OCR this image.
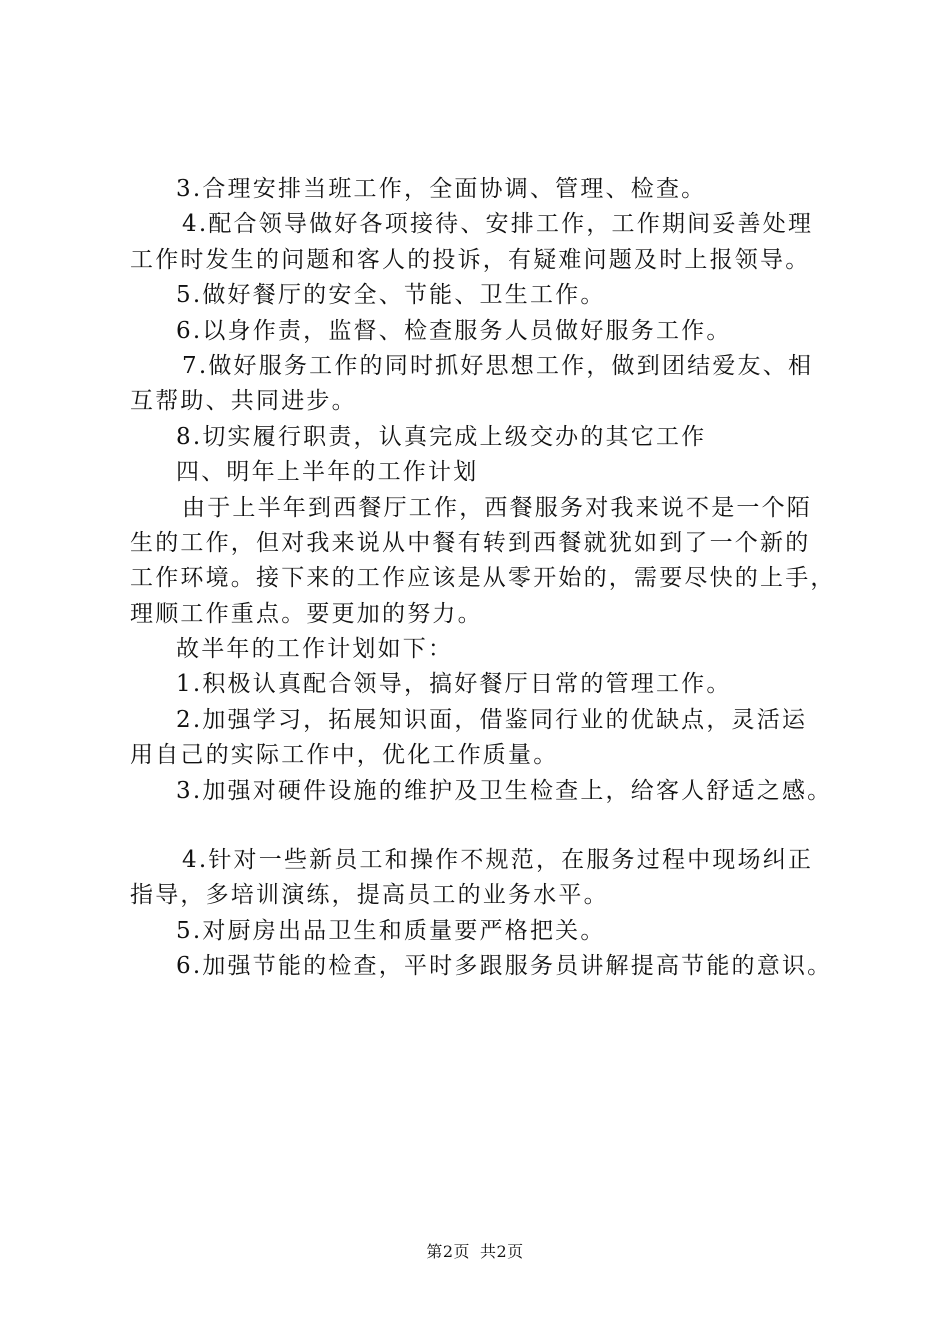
3.合理安排当班工作，全面协调、管理、检查。
4.配合领导做好各项接待、安排工作，工作期间妥善处理
工作时发生的问题和客人的投诉，有疑难问题及时上报领导。
5.做好餐厅的安全、节能、卫生工作。
6.以身作责，监督、检查服务人员做好服务工作。
7.做好服务工作的同时抓好思想工作，做到团结爱友、相
互帮助、共同进步。
8.切实履行职责，认真完成上级交办的其它工作
四、明年上半年的工作计划
由于上半年到西餐厅工作，西餐服务对我来说不是一个陌
生的工作，但对我来说从中餐有转到西餐就犹如到了一个新的
工作环境。接下来的工作应该是从零开始的，需要尽快的上手，
理顺工作重点。要更加的努力。
故半年的工作计划如下：
1.积极认真配合领导，搞好餐厅日常的管理工作。
2.加强学习，拓展知识面，借鉴同行业的优缺点，灵活运
用自己的实际工作中，优化工作质量。
3.加强对硬件设施的维护及卫生检查上，给客人舒适之感。
4.针对一些新员工和操作不规范，在服务过程中现场纠正
指导，多培训演练，提高员工的业务水平。
5.对厨房出品卫生和质量要严格把关。
6.加强节能的检查，平时多跟服务员讲解提高节能的意识。
第2页 共2页
